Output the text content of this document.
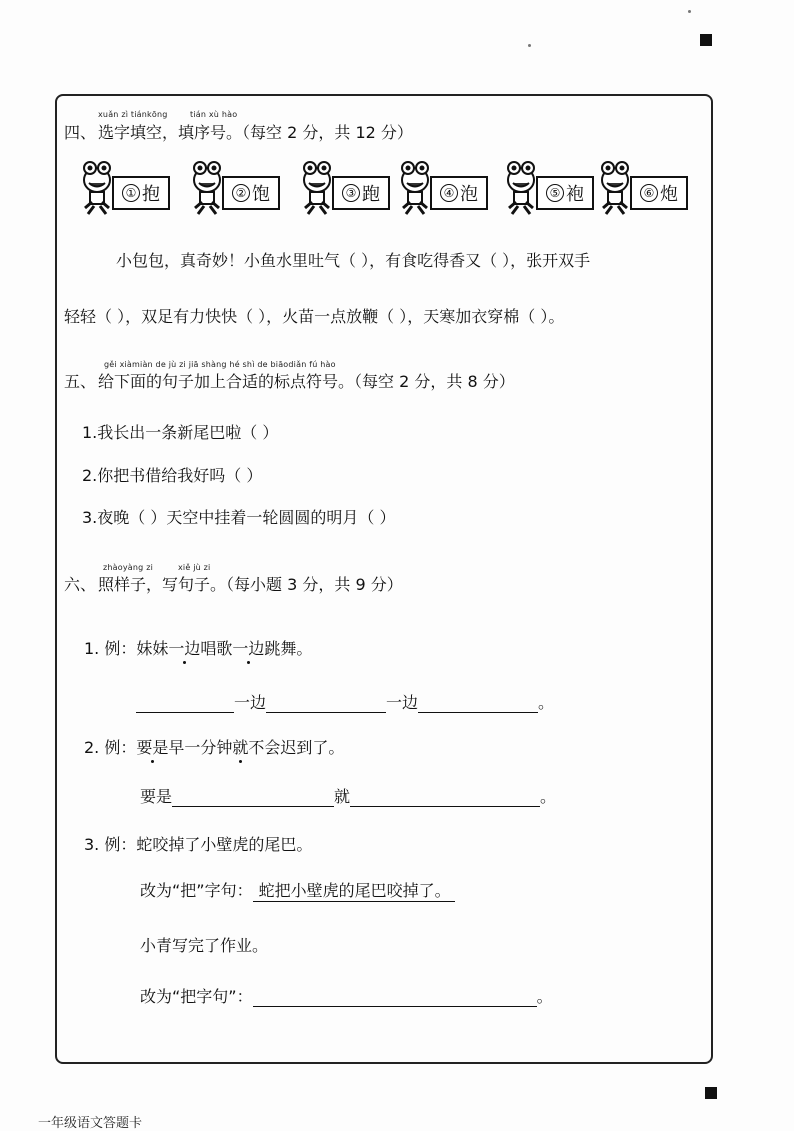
xuǎn zì tiánkōng	tián xù hào
四、 选字填空，填序号。（每空 2 分，共 12 分）
① 抱	② 饱	③ 跑	④ 泡	⑤ 袍	⑥ 炮
小包包，真奇妙！小鱼水里吐气（ ），有食吃得香又（ ），张开双手
轻轻（ ），双足有力快快（ ），火苗一点放鞭（ ），天寒加衣穿棉（ ）。
gěi xiàmiàn de jù zi jiā shàng hé shì de biāodiǎn fú hào
五、 给下面的句子加上合适的标点符号。（每空 2 分，共 8 分）
1.我长出一条新尾巴啦（ ）
2.你把书借给我好吗（ ）
3.夜晚（ ）天空中挂着一轮圆圆的明月（ ）
zhàoyàng zi	xiě jù zi
六、 照样子，写句子。（每小题 3 分，共 9 分）
1. 例：妹妹一边唱歌一边跳舞。
一边	一边	。
2. 例：要是早一分钟就不会迟到了。
要是	就	。
3. 例：蛇咬掉了小壁虎的尾巴。
改为“把”字句： 蛇把小壁虎的尾巴咬掉了。
小青写完了作业。
改为“把字句”：	。
一年级语文答题卡
